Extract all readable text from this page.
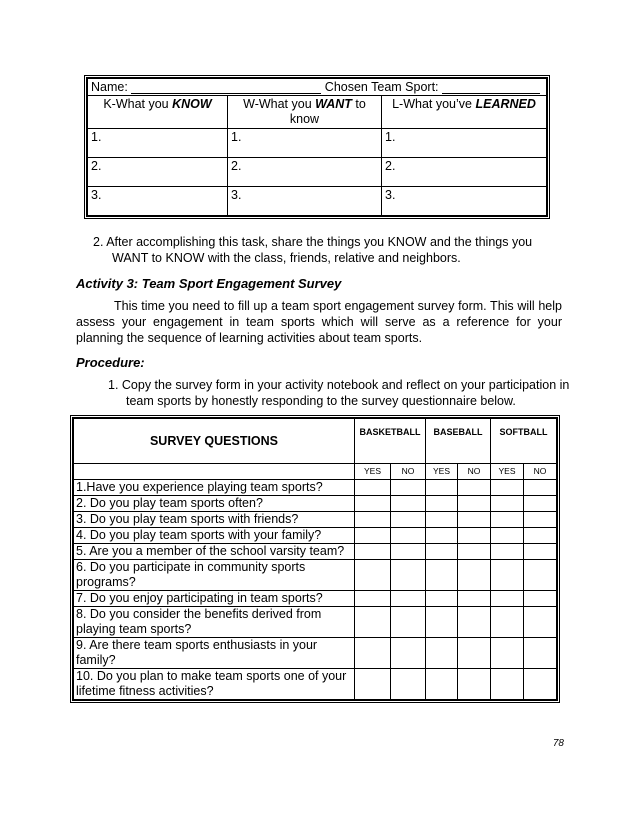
Name: Chosen Team Sport:		
K-What you KNOW	W-What you WANT to know	L-What you’ve LEARNED
1.	1.	1.
2.	2.	2.
3.	3.	3.
2. After accomplishing this task, share the things you KNOW and the things you WANT to KNOW with the class, friends, relative and neighbors.
Activity 3: Team Sport Engagement Survey
This time you need to fill up a team sport engagement survey form. This will help assess your engagement in team sports which will serve as a reference for your planning the sequence of learning activities about team sports.
Procedure:
1. Copy the survey form in your activity notebook and reflect on your participation in team sports by honestly responding to the survey questionnaire below.
SURVEY QUESTIONS	BASKETBALL		BASEBALL		SOFTBALL	
	YES	NO	YES	NO	YES	NO
1.Have you experience playing team sports?						
2. Do you play team sports often?						
3. Do you play team sports with friends?						
4. Do you play team sports with your family?						
5. Are you a member of the school varsity team?						
6. Do you participate in community sports programs?						
7. Do you enjoy participating in team sports?						
8. Do you consider the benefits derived from playing team sports?						
9. Are there team sports enthusiasts in your family?						
10. Do you plan to make team sports one of your lifetime fitness activities?						
78
